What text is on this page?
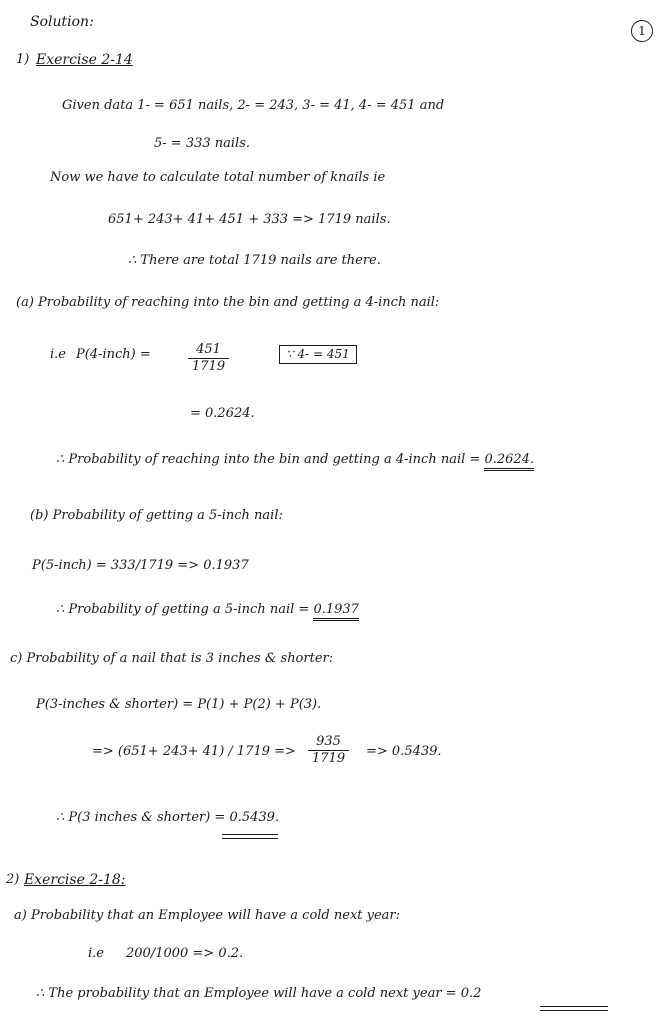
1
Solution:
1) Exercise 2-14
Given data 1- = 651 nails, 2- = 243, 3- = 41, 4- = 451 and
5- = 333 nails.
Now we have to calculate total number of knails ie
651+ 243+ 41+ 451 + 333 => 1719 nails.
∴ There are total 1719 nails are there.
(a) Probability of reaching into the bin and getting a 4-inch nail:
i.e P(4-inch) =	$\frac{451}{1719}$	∵ 4- = 451
= 0.2624.
∴ Probability of reaching into the bin and getting a 4-inch nail = 0.2624.
(b) Probability of getting a 5-inch nail:
P(5-inch) = 333/1719 => 0.1937
∴ Probability of getting a 5-inch nail = 0.1937
c) Probability of a nail that is 3 inches & shorter:
P(3-inches & shorter) = P(1) + P(2) + P(3).
=> $(651+ 243+ 41) / 1719 => \frac{935}{1719} => 0.5439$.
∴ P(3 inches & shorter) = 0.5439.
2) Exercise 2-18:
a) Probability that an Employee will have a cold next year:
i.e 200/1000 => 0.2.
∴ The probability that an Employee will have a cold next year = 0.2
